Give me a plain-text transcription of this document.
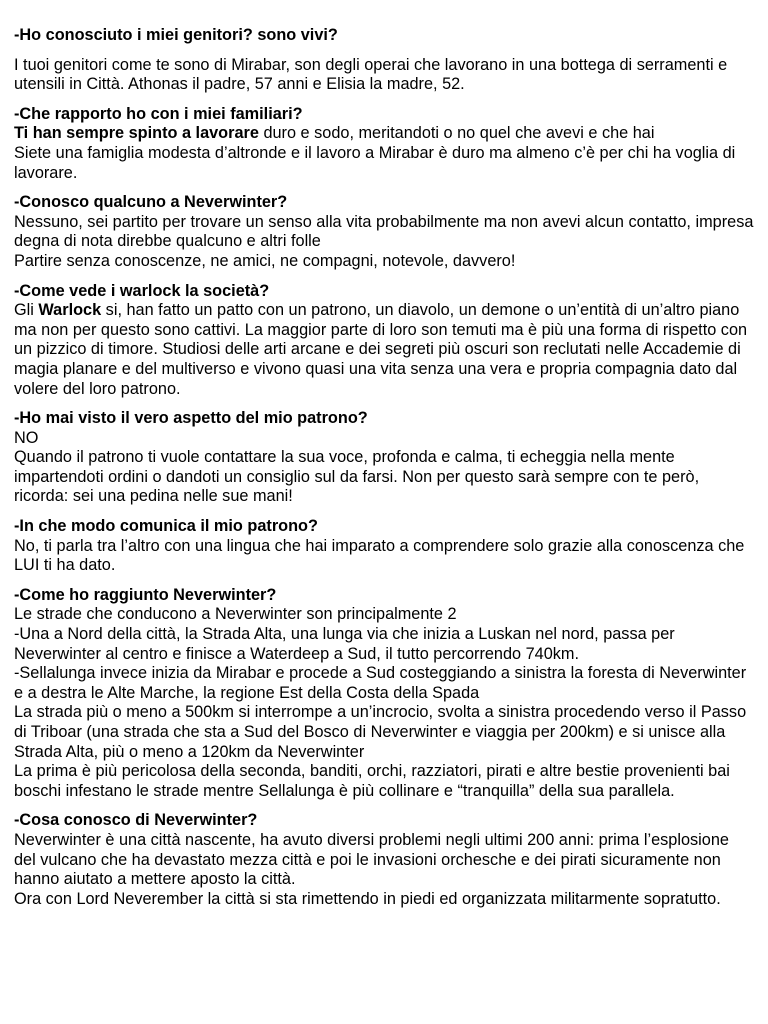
-Ho conosciuto i miei genitori? sono vivi?

I tuoi genitori come te sono di Mirabar, son degli operai che lavorano in una bottega di serramenti e utensili in Città. Athonas il padre, 57 anni e Elisia la madre, 52.

-Che rapporto ho con i miei familiari?

Ti han sempre spinto a lavorare duro e sodo, meritandoti o no quel che avevi e che hai

Siete una famiglia modesta d’altronde e il lavoro a Mirabar è duro ma almeno c’è per chi ha voglia di lavorare.

-Conosco qualcuno a Neverwinter?

Nessuno, sei partito per trovare un senso alla vita probabilmente ma non avevi alcun contatto, impresa degna di nota direbbe qualcuno e altri folle

Partire senza conoscenze, ne amici, ne compagni, notevole, davvero!

-Come vede i warlock la società?

Gli Warlock si, han fatto un patto con un patrono, un diavolo, un demone o un’entità di un’altro piano ma non per questo sono cattivi. La maggior parte di loro son temuti ma è più una forma di rispetto con un pizzico di timore. Studiosi delle arti arcane e dei segreti più oscuri son reclutati nelle Accademie di magia planare e del multiverso e vivono quasi una vita senza una vera e propria compagnia dato dal volere del loro patrono.

-Ho mai visto il vero aspetto del mio patrono?

NO

Quando il patrono ti vuole contattare la sua voce, profonda e calma, ti echeggia nella mente impartendoti ordini o dandoti un consiglio sul da farsi. Non per questo sarà sempre con te però, ricorda: sei una pedina nelle sue mani!

-In che modo comunica il mio patrono?

No, ti parla tra l’altro con una lingua che hai imparato a comprendere solo grazie alla conoscenza che LUI ti ha dato.

-Come ho raggiunto Neverwinter?

Le strade che conducono a Neverwinter son principalmente 2

-Una a Nord della città, la Strada Alta, una lunga via che inizia a Luskan nel nord, passa per Neverwinter al centro e finisce a Waterdeep a Sud, il tutto percorrendo 740km.

-Sellalunga invece inizia da Mirabar e procede a Sud costeggiando a sinistra la foresta di Neverwinter e a destra le Alte Marche, la regione Est della Costa della Spada

La strada più o meno a 500km si interrompe a un’incrocio, svolta a sinistra procedendo verso il Passo di Triboar (una strada che sta a Sud del Bosco di Neverwinter e viaggia per 200km) e si unisce alla Strada Alta, più o meno a 120km da Neverwinter

La prima è più pericolosa della seconda, banditi, orchi, razziatori, pirati e altre bestie provenienti bai boschi infestano le strade mentre Sellalunga è più collinare e “tranquilla” della sua parallela.

-Cosa conosco di Neverwinter?

Neverwinter è una città nascente, ha avuto diversi problemi negli ultimi 200 anni: prima l’esplosione del vulcano che ha devastato mezza città e poi le invasioni orchesche e dei pirati sicuramente non hanno aiutato a mettere aposto la città.

Ora con Lord Neverember la città si sta rimettendo in piedi ed organizzata militarmente sopratutto.
